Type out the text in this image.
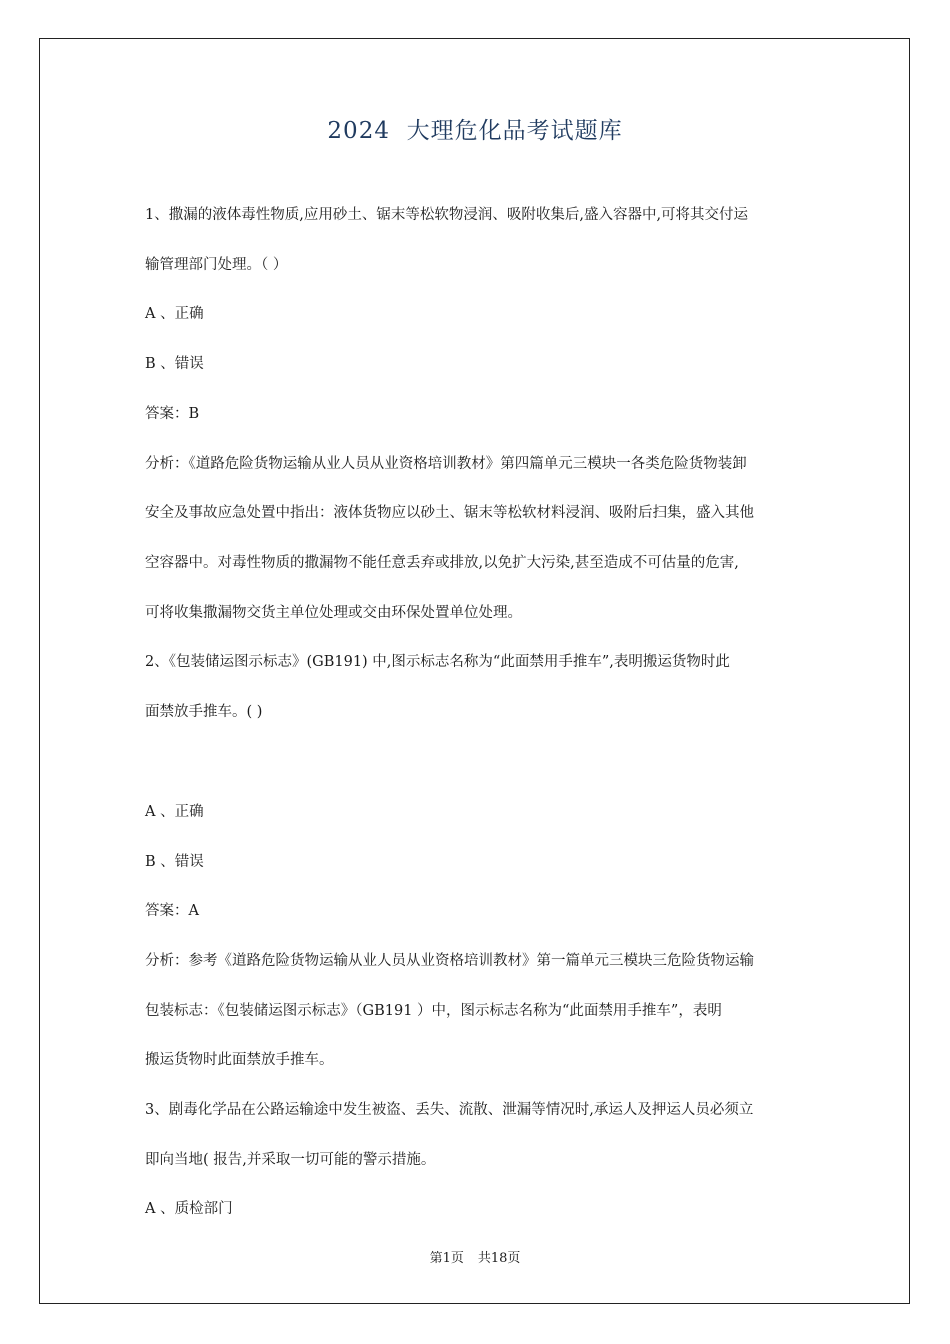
2024  大理危化品考试题库
1、撒漏的液体毒性物质,应用砂土、锯末等松软物浸润、吸附收集后,盛入容器中,可将其交付运
输管理部门处理。（ ）
A 、正确
B 、错误
答案：B
分析：《道路危险货物运输从业人员从业资格培训教材》第四篇单元三模块一各类危险货物装卸
安全及事故应急处置中指出：液体货物应以砂土、锯末等松软材料浸润、吸附后扫集，盛入其他
空容器中。对毒性物质的撒漏物不能任意丢弃或排放,以免扩大污染,甚至造成不可估量的危害,
可将收集撒漏物交货主单位处理或交由环保处置单位处理。
2、《包装储运图示标志》(GB191) 中,图示标志名称为“此面禁用手推车”,表明搬运货物时此
面禁放手推车。( )
A 、正确
B 、错误
答案：A
分析：参考《道路危险货物运输从业人员从业资格培训教材》第一篇单元三模块三危险货物运输
包装标志：《包装储运图示标志》（GB191 ）中，图示标志名称为“此面禁用手推车”，表明
搬运货物时此面禁放手推车。
3、剧毒化学品在公路运输途中发生被盗、丢失、流散、泄漏等情况时,承运人及押运人员必须立
即向当地( 报告,并采取一切可能的警示措施。
A 、质检部门
第1页 共18页
